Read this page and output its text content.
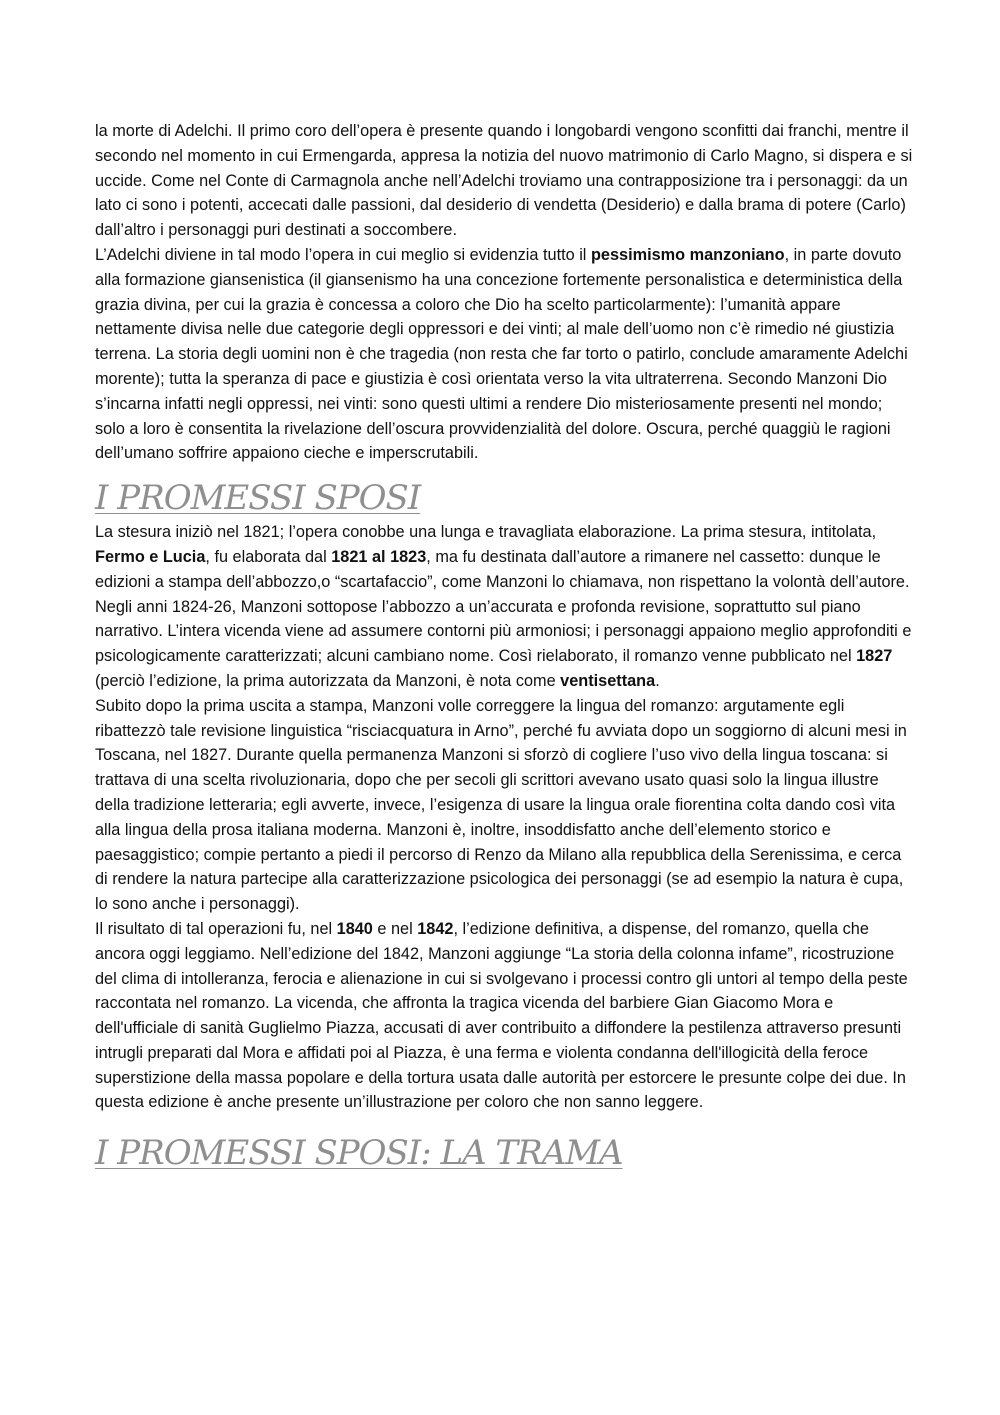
la morte di Adelchi. Il primo coro dell’opera è presente quando i longobardi vengono sconfitti dai franchi, mentre il secondo nel momento in cui Ermengarda, appresa la notizia del nuovo matrimonio di Carlo Magno, si dispera e si uccide. Come nel Conte di Carmagnola anche nell’Adelchi troviamo una contrapposizione tra i personaggi: da un lato ci sono i potenti, accecati dalle passioni, dal desiderio di vendetta (Desiderio) e dalla brama di potere (Carlo) dall’altro i personaggi puri destinati a soccombere.

L’Adelchi diviene in tal modo l’opera in cui meglio si evidenzia tutto il pessimismo manzoniano, in parte dovuto alla formazione giansenistica (il giansenismo ha una concezione fortemente personalistica e deterministica della grazia divina, per cui la grazia è concessa a coloro che Dio ha scelto particolarmente): l’umanità appare nettamente divisa nelle due categorie degli oppressori e dei vinti; al male dell’uomo non c’è rimedio né giustizia terrena. La storia degli uomini non è che tragedia (non resta che far torto o patirlo, conclude amaramente Adelchi morente); tutta la speranza di pace e giustizia è così orientata verso la vita ultraterrena. Secondo Manzoni Dio s’incarna infatti negli oppressi, nei vinti: sono questi ultimi a rendere Dio misteriosamente presenti nel mondo; solo a loro è consentita la rivelazione dell’oscura provvidenzialità del dolore. Oscura, perché quaggiù le ragioni dell’umano soffrire appaiono cieche e imperscrutabili.

I PROMESSI SPOSI

La stesura iniziò nel 1821; l’opera conobbe una lunga e travagliata elaborazione. La prima stesura, intitolata, Fermo e Lucia, fu elaborata dal 1821 al 1823, ma fu destinata dall’autore a rimanere nel cassetto: dunque le edizioni a stampa dell’abbozzo,o “scartafaccio”, come Manzoni lo chiamava, non rispettano la volontà dell’autore. Negli anni 1824-26, Manzoni sottopose l’abbozzo a un’accurata e profonda revisione, soprattutto sul piano narrativo. L’intera vicenda viene ad assumere contorni più armoniosi; i personaggi appaiono meglio approfonditi e psicologicamente caratterizzati; alcuni cambiano nome. Così rielaborato, il romanzo venne pubblicato nel 1827 (perciò l’edizione, la prima autorizzata da Manzoni, è nota come ventisettana.

Subito dopo la prima uscita a stampa, Manzoni volle correggere la lingua del romanzo: argutamente egli ribattezzò tale revisione linguistica “risciacquatura in Arno”, perché fu avviata dopo un soggiorno di alcuni mesi in Toscana, nel 1827. Durante quella permanenza Manzoni si sforzò di cogliere l’uso vivo della lingua toscana: si trattava di una scelta rivoluzionaria, dopo che per secoli gli scrittori avevano usato quasi solo la lingua illustre della tradizione letteraria; egli avverte, invece, l’esigenza di usare la lingua orale fiorentina colta dando così vita alla lingua della prosa italiana moderna. Manzoni è, inoltre, insoddisfatto anche dell’elemento storico e paesaggistico; compie pertanto a piedi il percorso di Renzo da Milano alla repubblica della Serenissima, e cerca di rendere la natura partecipe alla caratterizzazione psicologica dei personaggi (se ad esempio la natura è cupa, lo sono anche i personaggi).

Il risultato di tal operazioni fu, nel 1840 e nel 1842, l’edizione definitiva, a dispense, del romanzo, quella che ancora oggi leggiamo. Nell’edizione del 1842, Manzoni aggiunge “La storia della colonna infame”, ricostruzione del clima di intolleranza, ferocia e alienazione in cui si svolgevano i processi contro gli untori al tempo della peste raccontata nel romanzo. La vicenda, che affronta la tragica vicenda del barbiere Gian Giacomo Mora e dell'ufficiale di sanità Guglielmo Piazza, accusati di aver contribuito a diffondere la pestilenza attraverso presunti intrugli preparati dal Mora e affidati poi al Piazza, è una ferma e violenta condanna dell'illogicità della feroce superstizione della massa popolare e della tortura usata dalle autorità per estorcere le presunte colpe dei due. In questa edizione è anche presente un’illustrazione per coloro che non sanno leggere.

I PROMESSI SPOSI: LA TRAMA
